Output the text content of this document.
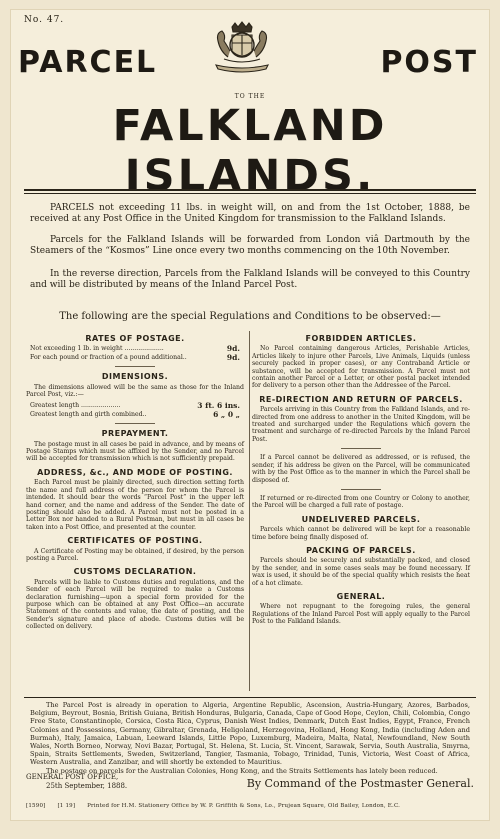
No. 47.
PARCEL	POST
TO THE
FALKLAND ISLANDS.
PARCELS not exceeding 11 lbs. in weight will, on and from the 1st October, 1888, be received at any Post Office in the United Kingdom for transmission to the Falkland Islands.
Parcels for the Falkland Islands will be forwarded from London viâ Dartmouth by the Steamers of the “Kosmos” Line once every two months commencing on the 10th November.
In the reverse direction, Parcels from the Falkland Islands will be conveyed to this Country and will be distributed by means of the Inland Parcel Post.
The following are the special Regulations and Conditions to be observed:—
RATES OF POSTAGE.
Not exceeding 1 lb. in weight ....................	9d.
For each pound or fraction of a pound additional..	9d.
DIMENSIONS.

The dimensions allowed will be the same as those for the Inland Parcel Post, viz.:—

Greatest length ....................	3 ft. 6 ins.
Greatest length and girth combined..	6 „ 0 „
PREPAYMENT.

The postage must in all cases be paid in advance, and by means of Postage Stamps which must be affixed by the Sender, and no Parcel will be accepted for transmission which is not sufficiently prepaid.

ADDRESS, &c., AND MODE OF POSTING.

Each Parcel must be plainly directed, such direction setting forth the name and full address of the person for whom the Parcel is intended. It should bear the words “Parcel Post” in the upper left hand corner, and the name and address of the Sender. The date of posting should also be added. A Parcel must not be posted in a Letter Box nor handed to a Rural Postman, but must in all cases be taken into a Post Office, and presented at the counter.

CERTIFICATES OF POSTING.

A Certificate of Posting may be obtained, if desired, by the person posting a Parcel.

CUSTOMS DECLARATION.

Parcels will be liable to Customs duties and regulations, and the Sender of each Parcel will be required to make a Customs declaration furnishing—upon a special form provided for the purpose which can be obtained at any Post Office—an accurate Statement of the contents and value, the date of posting, and the Sender's signature and place of abode. Customs duties will be collected on delivery.

FORBIDDEN ARTICLES.

No Parcel containing dangerous Articles, Perishable Articles, Articles likely to injure other Parcels, Live Animals, Liquids (unless securely packed in proper cases), or any Contraband Article or substance, will be accepted for transmission. A Parcel must not contain another Parcel or a Letter, or other postal packet intended for delivery to a person other than the Addressee of the Parcel.

RE-DIRECTION AND RETURN OF PARCELS.

Parcels arriving in this Country from the Falkland Islands, and re-directed from one address to another in the United Kingdom, will be treated and surcharged under the Regulations which govern the treatment and surcharge of re-directed Parcels by the Inland Parcel Post.

If a Parcel cannot be delivered as addressed, or is refused, the sender, if his address be given on the Parcel, will be communicated with by the Post Office as to the manner in which the Parcel shall be disposed of.

If returned or re-directed from one Country or Colony to another, the Parcel will be charged a full rate of postage.

UNDELIVERED PARCELS.

Parcels which cannot be delivered will be kept for a reasonable time before being finally disposed of.

PACKING OF PARCELS.

Parcels should be securely and substantially packed, and closed by the sender, and in some cases seals may be found necessary. If wax is used, it should be of the special quality which resists the heat of a hot climate.

GENERAL.

Where not repugnant to the foregoing rules, the general Regulations of the Inland Parcel Post will apply equally to the Parcel Post to the Falkland Islands.

The Parcel Post is already in operation to Algeria, Argentine Republic, Ascension, Austria-Hungary, Azores, Barbados, Belgium, Beyrout, Bosnia, British Guiana, British Honduras, Bulgaria, Canada, Cape of Good Hope, Ceylon, Chili, Colombia, Congo Free State, Constantinople, Corsica, Costa Rica, Cyprus, Danish West Indies, Denmark, Dutch East Indies, Egypt, France, French Colonies and Possessions, Germany, Gibraltar, Grenada, Heligoland, Herzegovina, Holland, Hong Kong, India (including Aden and Burmah), Italy, Jamaica, Labuan, Leeward Islands, Little Popo, Luxemburg, Madeira, Malta, Natal, Newfoundland, New South Wales, North Borneo, Norway, Novi Bazar, Portugal, St. Helena, St. Lucia, St. Vincent, Sarawak, Servia, South Australia, Smyrna, Spain, Straits Settlements, Sweden, Switzerland, Tangier, Tasmania, Tobago, Trinidad, Tunis, Victoria, West Coast of Africa, Western Australia, and Zanzibar, and will shortly be extended to Mauritius.
The postage on parcels for the Australian Colonies, Hong Kong, and the Straits Settlements has lately been reduced.
GENERAL POST OFFICE,
25th September, 1888.	By Command of the Postmaster General.
[1590] [1 19] Printed for H.M. Stationery Office by W. P. Griffith & Sons, Lo., Prujean Square, Old Bailey, London, E.C.
